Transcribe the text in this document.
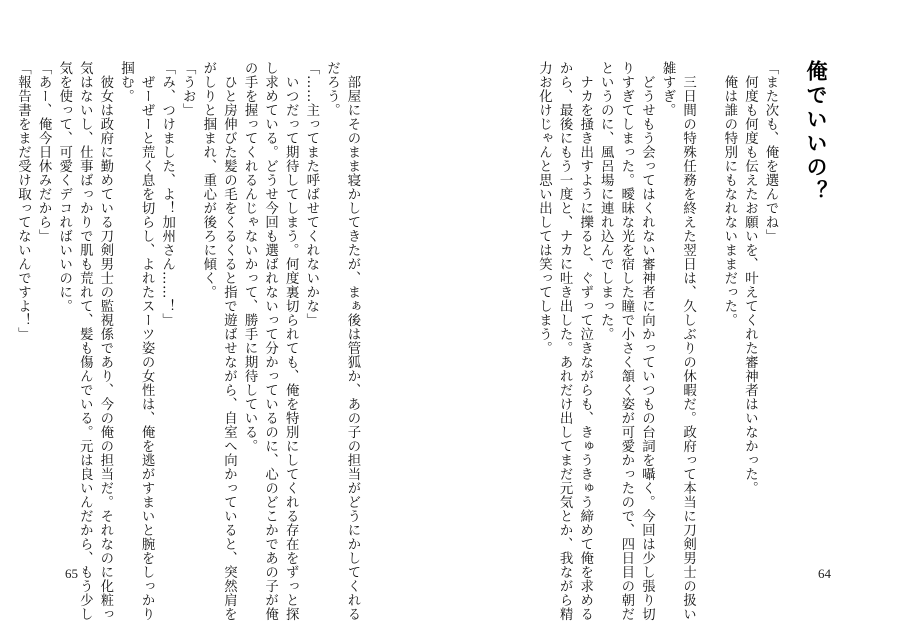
「また次も、俺を選んでね」
　何度も何度も伝えたお願いを、叶えてくれた審神者はいなかった。
　俺は誰の特別にもなれないままだった。
　三日間の特殊任務を終えた翌日は、久しぶりの休暇だ。政府って本当に刀剣男士の扱い
雑すぎ。
　どうせもう会ってはくれない審神者に向かっていつもの台詞を囁く。今回は少し張り切
りすぎてしまった。曖昧な光を宿した瞳で小さく頷く姿が可愛かったので、四日目の朝だ
というのに、風呂場に連れ込んでしまった。
　ナカを掻き出すように擽ると、ぐずって泣きながらも、きゅうきゅう締めて俺を求める
から、最後にもう一度と、ナカに吐き出した。あれだけ出してまだ元気とか、我ながら精
力お化けじゃんと思い出しては笑ってしまう。
64
俺でいいの？
　部屋にそのまま寝かしてきたが、まぁ後は管狐か、あの子の担当がどうにかしてくれる
だろう。
「……主ってまた呼ばせてくれないかな」
　いつだって期待してしまう。何度裏切られても、俺を特別にしてくれる存在をずっと探
し求めている。どうせ今回も選ばれないって分かっているのに、心のどこかであの子が俺
の手を握ってくれるんじゃないかって、勝手に期待している。
　ひと房伸びた髪の毛をくるくると指で遊ばせながら、自室へ向かっていると、突然肩を
がしりと掴まれ、重心が後ろに傾く。
「うお」
「み、つけました、よ！加州さん……！」
　ぜーぜーと荒く息を切らし、よれたスーツ姿の女性は、俺を逃がすまいと腕をしっかり
掴む。
　彼女は政府に勤めている刀剣男士の監視係であり、今の俺の担当だ。それなのに化粧っ
気はないし、仕事ばっかりで肌も荒れて、髪も傷んでいる。元は良いんだから、もう少し
気を使って、可愛くデコればいいのに。
「あー、俺今日休みだから」
「報告書をまだ受け取ってないんですよ！」
65
